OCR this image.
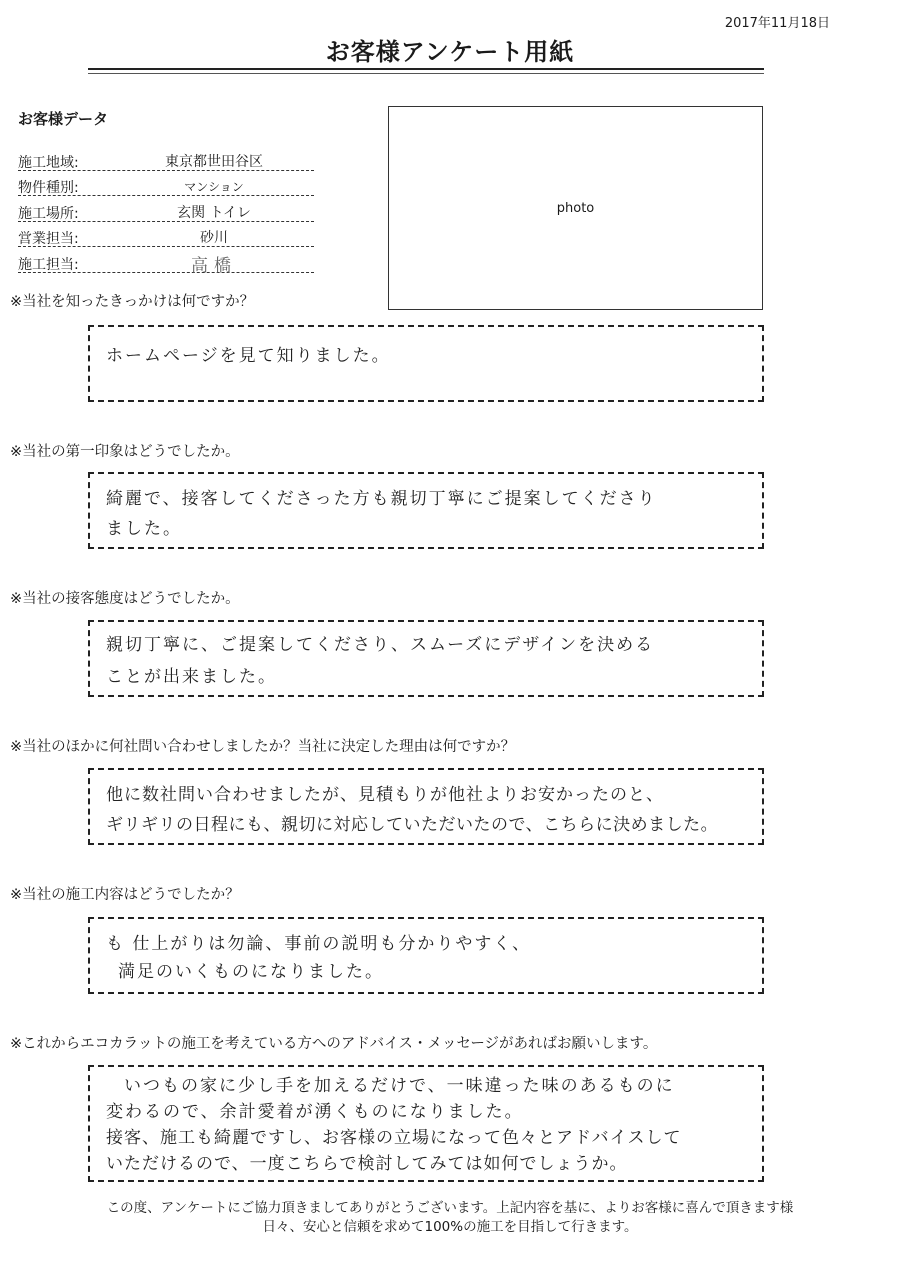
2017年11月18日
お客様アンケート用紙
お客様データ
施工地域:	東京都世田谷区
物件種別:	マンション
施工場所:	玄関 トイレ
営業担当:	砂川
施工担当:	高橋
photo
※当社を知ったきっかけは何ですか？
ホームページを見て知りました。
※当社の第一印象はどうでしたか。
綺麗で、接客してくださった方も親切丁寧にご提案してくださり
ました。
※当社の接客態度はどうでしたか。
親切丁寧に、ご提案してくださり、スムーズにデザインを決める
ことが出来ました。
※当社のほかに何社問い合わせしましたか？当社に決定した理由は何ですか？
他に数社問い合わせましたが、見積もりが他社よりお安かったのと、
ギリギリの日程にも、親切に対応していただいたので、こちらに決めました。
※当社の施工内容はどうでしたか？
も 仕上がりは勿論、事前の説明も分かりやすく、
満足のいくものになりました。
※これからエコカラットの施工を考えている方へのアドバイス・メッセージがあればお願いします。
いつもの家に少し手を加えるだけで、一味違った味のあるものに
変わるので、余計愛着が湧くものになりました。
接客、施工も綺麗ですし、お客様の立場になって色々とアドバイスして
いただけるので、一度こちらで検討してみては如何でしょうか。
この度、アンケートにご協力頂きましてありがとうございます。上記内容を基に、よりお客様に喜んで頂きます様
日々、安心と信頼を求めて100%の施工を目指して行きます。
